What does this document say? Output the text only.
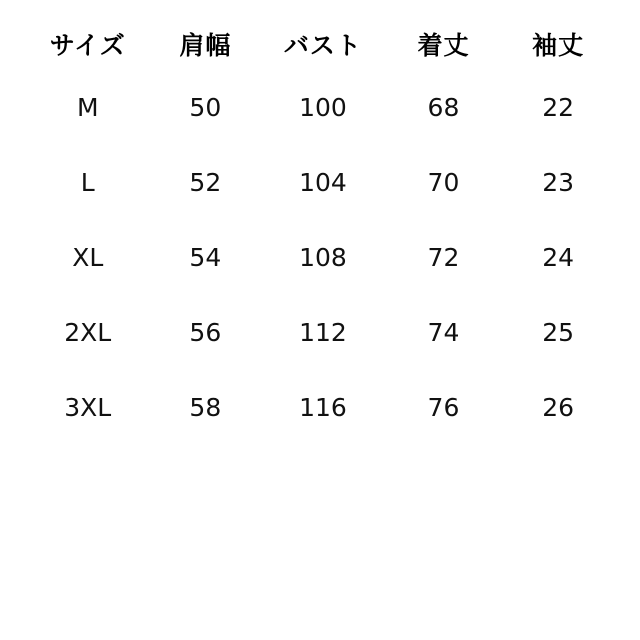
サイズ	肩幅	バスト	着丈	袖丈
M	50	100	68	22
L	52	104	70	23
XL	54	108	72	24
2XL	56	112	74	25
3XL	58	116	76	26
